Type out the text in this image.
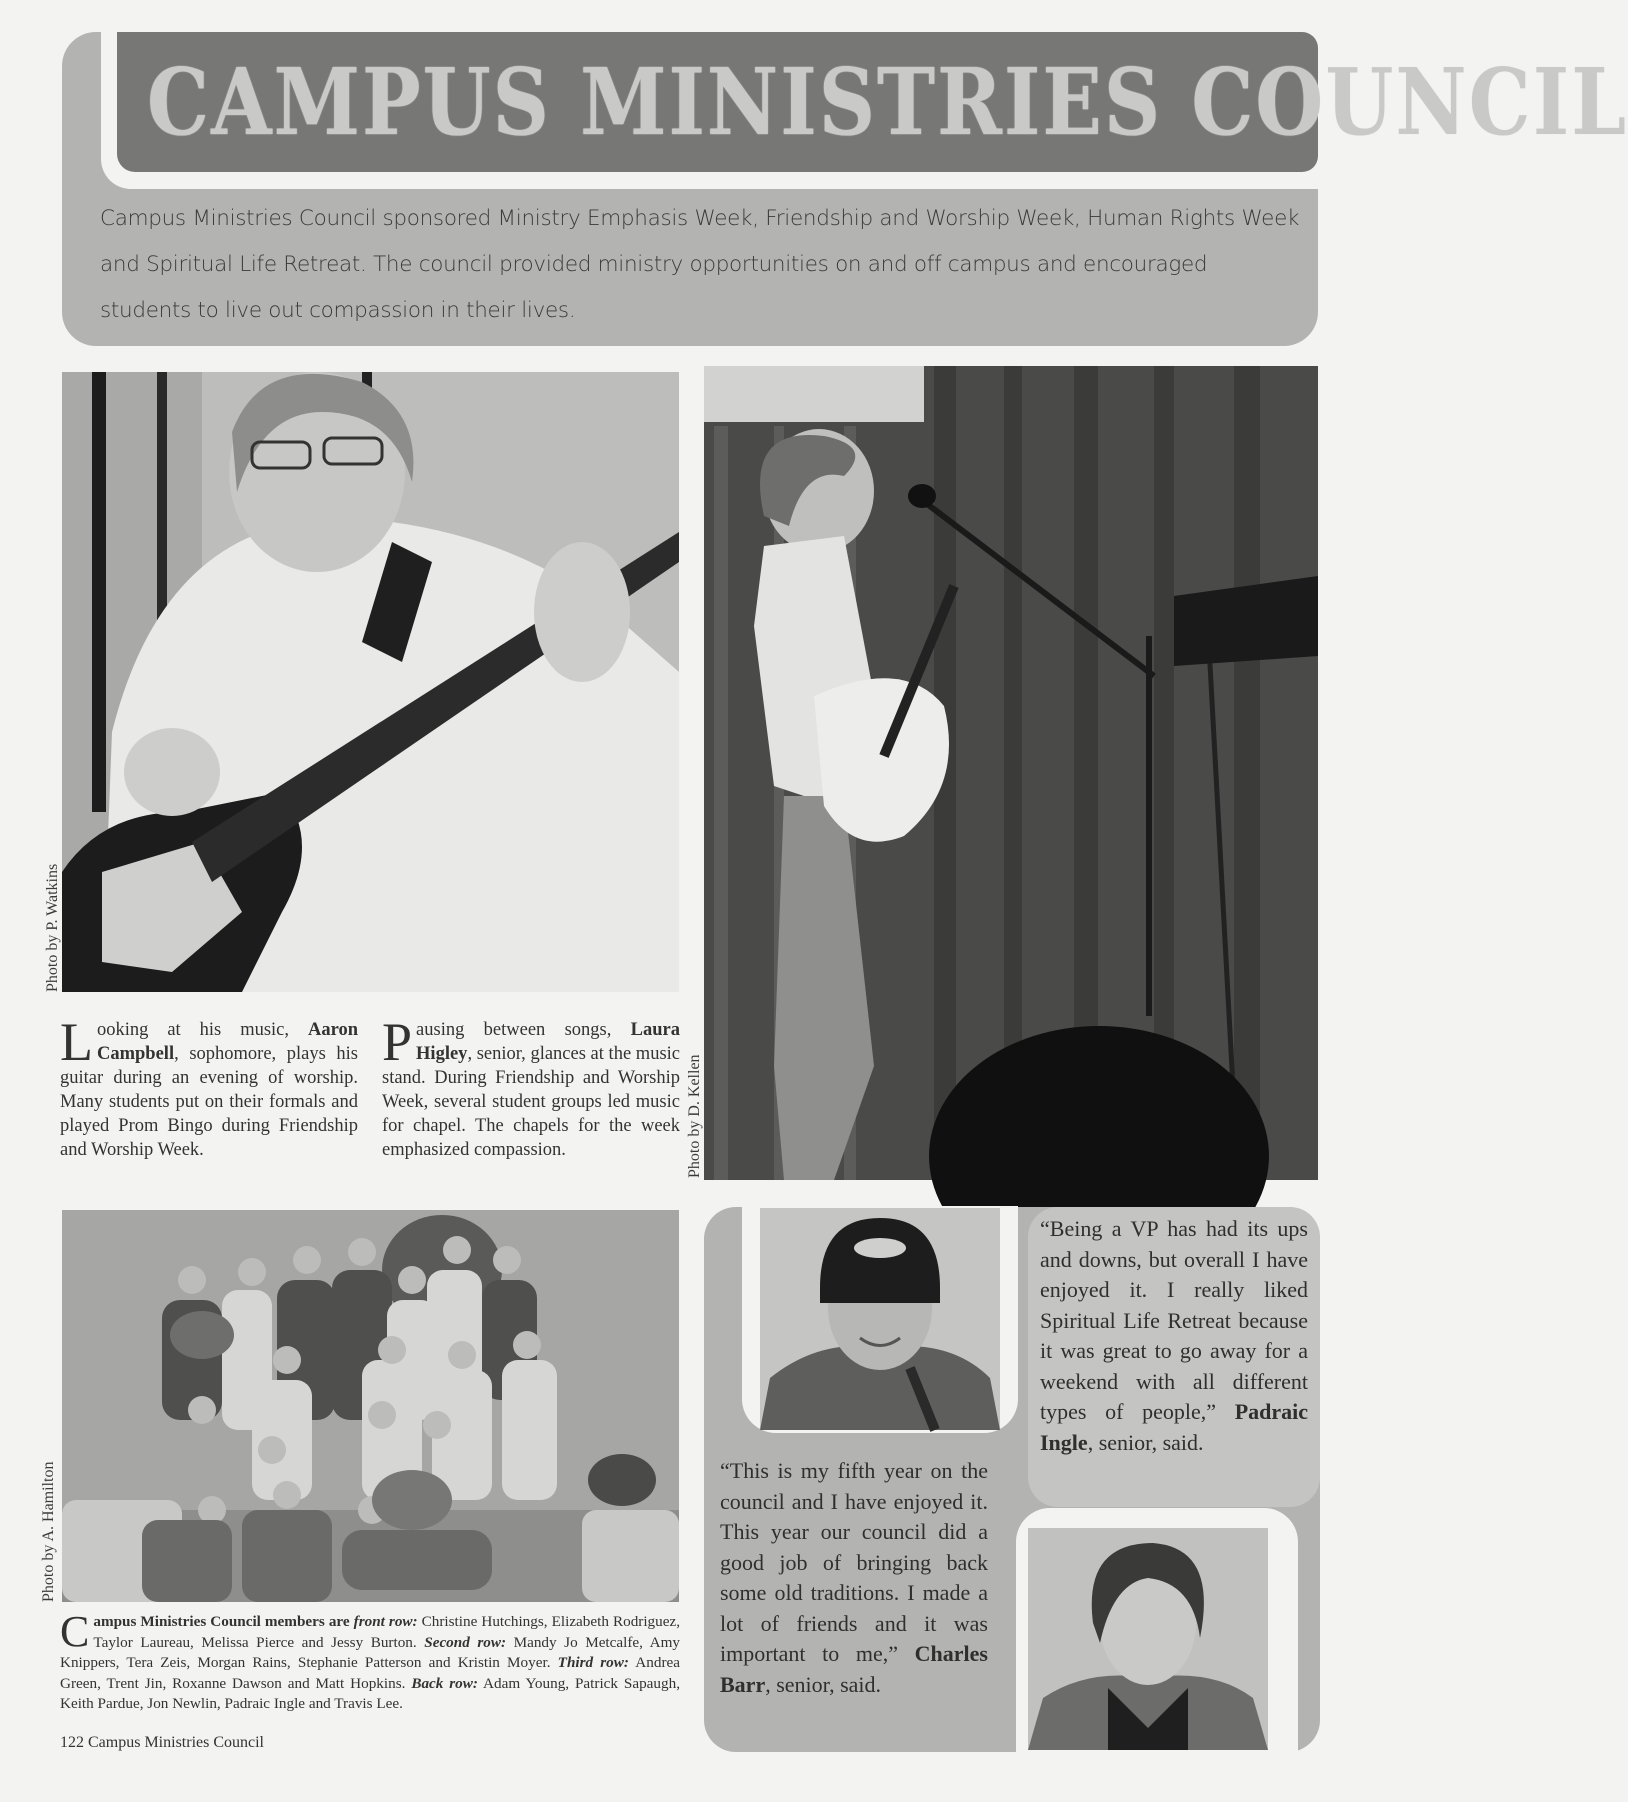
CAMPUS MINISTRIES COUNCIL

Campus Ministries Council sponsored Ministry Emphasis Week, Friendship and Worship Week, Human Rights Week and Spiritual Life Retreat. The council provided ministry opportunities on and off campus and encouraged students to live out compassion in their lives.

Photo by P. Watkins
Photo by D. Kellen
L ooking at his music, Aaron Campbell, sophomore, plays his guitar during an evening of worship. Many students put on their formals and played Prom Bingo during Friendship and Worship Week.
P ausing between songs, Laura Higley, senior, glances at the music stand. During Friendship and Worship Week, several student groups led music for chapel. The chapels for the week emphasized compassion.
Photo by A. Hamilton
C ampus Ministries Council members are front row: Christine Hutchings, Elizabeth Rodriguez, Taylor Laureau, Melissa Pierce and Jessy Burton. Second row: Mandy Jo Metcalfe, Amy Knippers, Tera Zeis, Morgan Rains, Stephanie Patterson and Kristin Moyer. Third row: Andrea Green, Trent Jin, Roxanne Dawson and Matt Hopkins. Back row: Adam Young, Patrick Sapaugh, Keith Pardue, Jon Newlin, Padraic Ingle and Travis Lee.
122 Campus Ministries Council
“Being a VP has had its ups and downs, but overall I have enjoyed it. I really liked Spiritual Life Retreat because it was great to go away for a weekend with all different types of people,” Padraic Ingle, senior, said.
“This is my fifth year on the council and I have enjoyed it. This year our council did a good job of bringing back some old traditions. I made a lot of friends and it was important to me,” Charles Barr, senior, said.
